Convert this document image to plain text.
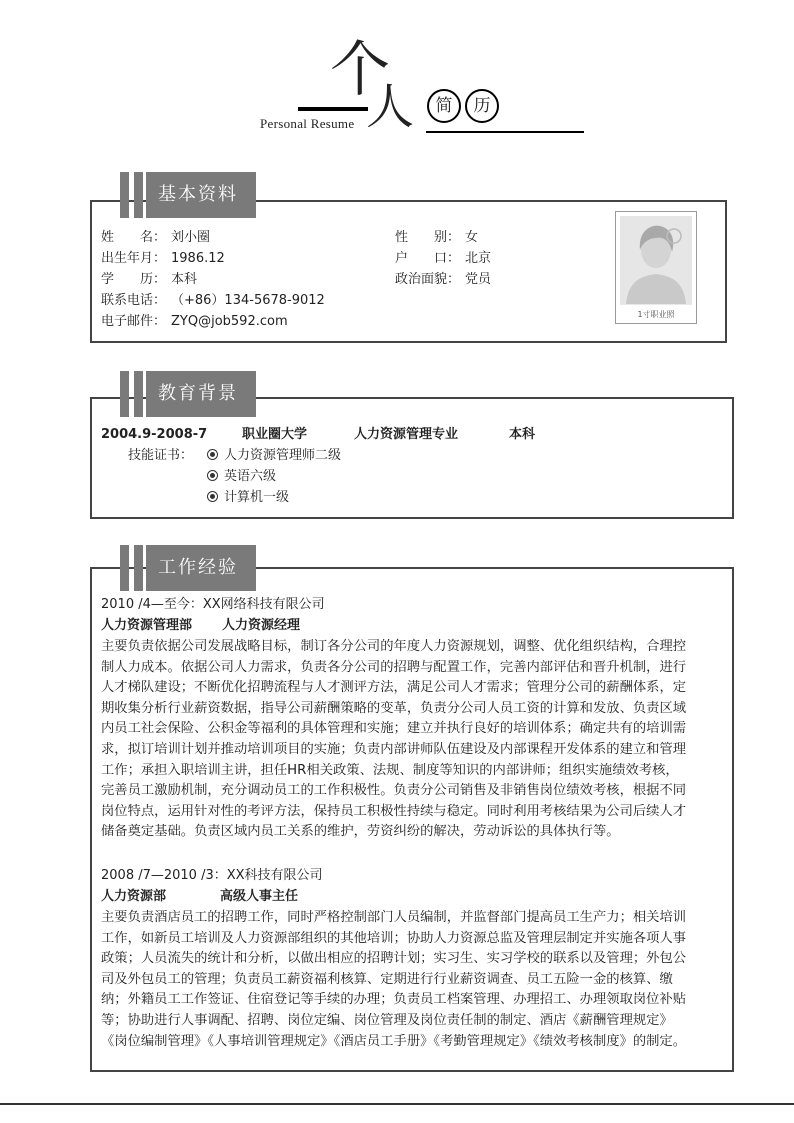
个
人
Personal Resume
简	历
基本资料
姓　　名： 刘小圈	性　　别： 女
出生年月： 1986.12	户　　口： 北京
学　　历： 本科	政治面貌： 党员
联系电话： （+86）134-5678-9012
电子邮件： ZYQ@job592.com	1寸职业照
教育背景
2004.9-2008-7	职业圈大学	人力资源管理专业	本科
技能证书：	人力资源管理师二级
英语六级
计算机一级
工作经验
2010 /4—至今：XX网络科技有限公司
人力资源管理部 人力资源经理
主要负责依据公司发展战略目标，制订各分公司的年度人力资源规划，调整、优化组织结构，合理控
制人力成本。依据公司人力需求，负责各分公司的招聘与配置工作，完善内部评估和晋升机制，进行
人才梯队建设；不断优化招聘流程与人才测评方法，满足公司人才需求；管理分公司的薪酬体系，定
期收集分析行业薪资数据，指导公司薪酬策略的变革，负责分公司人员工资的计算和发放、负责区域
内员工社会保险、公积金等福利的具体管理和实施；建立并执行良好的培训体系；确定共有的培训需
求，拟订培训计划并推动培训项目的实施；负责内部讲师队伍建设及内部课程开发体系的建立和管理
工作；承担入职培训主讲，担任HR相关政策、法规、制度等知识的内部讲师；组织实施绩效考核，
完善员工激励机制，充分调动员工的工作积极性。负责分公司销售及非销售岗位绩效考核，根据不同
岗位特点，运用针对性的考评方法，保持员工积极性持续与稳定。同时利用考核结果为公司后续人才
储备奠定基础。负责区域内员工关系的维护，劳资纠纷的解决，劳动诉讼的具体执行等。
2008 /7—2010 /3：XX科技有限公司
人力资源部	高级人事主任
主要负责酒店员工的招聘工作，同时严格控制部门人员编制，并监督部门提高员工生产力；相关培训
工作，如新员工培训及人力资源部组织的其他培训；协助人力资源总监及管理层制定并实施各项人事
政策；人员流失的统计和分析，以做出相应的招聘计划；实习生、实习学校的联系以及管理；外包公
司及外包员工的管理；负责员工薪资福利核算、定期进行行业薪资调查、员工五险一金的核算、缴
纳；外籍员工工作签证、住宿登记等手续的办理；负责员工档案管理、办理招工、办理领取岗位补贴
等；协助进行人事调配、招聘、岗位定编、岗位管理及岗位责任制的制定、酒店《薪酬管理规定》
《岗位编制管理》《人事培训管理规定》《酒店员工手册》《考勤管理规定》《绩效考核制度》的制定。
